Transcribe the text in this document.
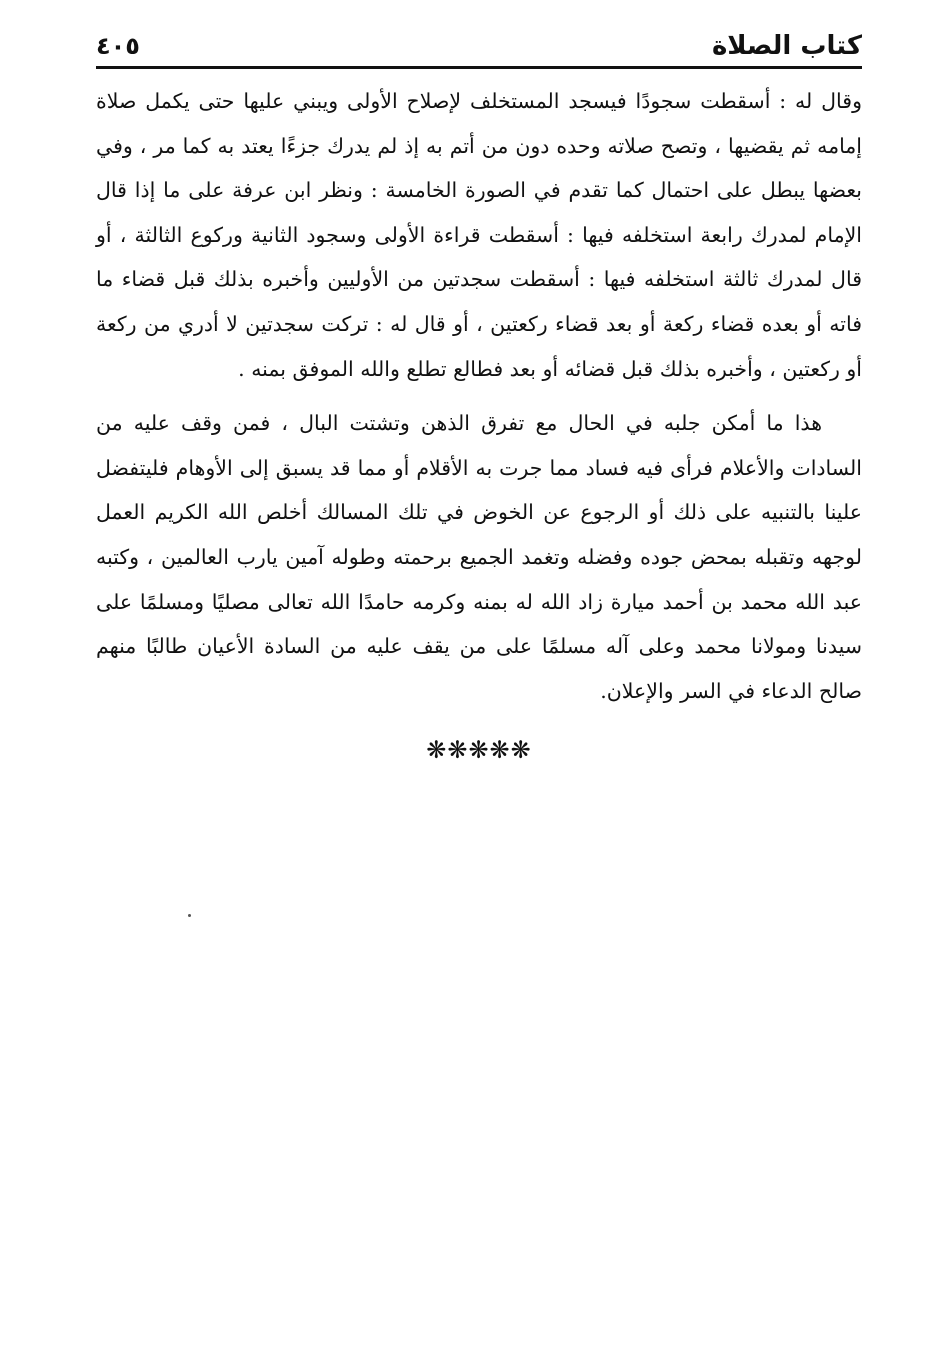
كتاب الصلاة
٤٠٥

وقال له : أسقطت سجودًا فيسجد المستخلف لإصلاح الأولى ويبني عليها حتى يكمل صلاة إمامه ثم يقضيها ، وتصح صلاته وحده دون من أتم به إذ لم يدرك جزءًا يعتد به كما مر ، وفي بعضها يبطل على احتمال كما تقدم في الصورة الخامسة : ونظر ابن عرفة على ما إذا قال الإمام لمدرك رابعة استخلفه فيها : أسقطت قراءة الأولى وسجود الثانية وركوع الثالثة ، أو قال لمدرك ثالثة استخلفه فيها : أسقطت سجدتين من الأوليين وأخبره بذلك قبل قضاء ما فاته أو بعده قضاء ركعة أو بعد قضاء ركعتين ، أو قال له : تركت سجدتين لا أدري من ركعة أو ركعتين ، وأخبره بذلك قبل قضائه أو بعد فطالع تطلع والله الموفق بمنه .

هذا ما أمكن جلبه في الحال مع تفرق الذهن وتشتت البال ، فمن وقف عليه من السادات والأعلام فرأى فيه فساد مما جرت به الأقلام أو مما قد يسبق إلى الأوهام فليتفضل علينا بالتنبيه على ذلك أو الرجوع عن الخوض في تلك المسالك أخلص الله الكريم العمل لوجهه وتقبله بمحض جوده وفضله وتغمد الجميع برحمته وطوله آمين يارب العالمين ، وكتبه عبد الله محمد بن أحمد ميارة زاد الله له بمنه وكرمه حامدًا الله تعالى مصليًا ومسلمًا على سيدنا ومولانا محمد وعلى آله مسلمًا على من يقف عليه من السادة الأعيان طالبًا منهم صالح الدعاء في السر والإعلان.

❋❋❋❋❋
